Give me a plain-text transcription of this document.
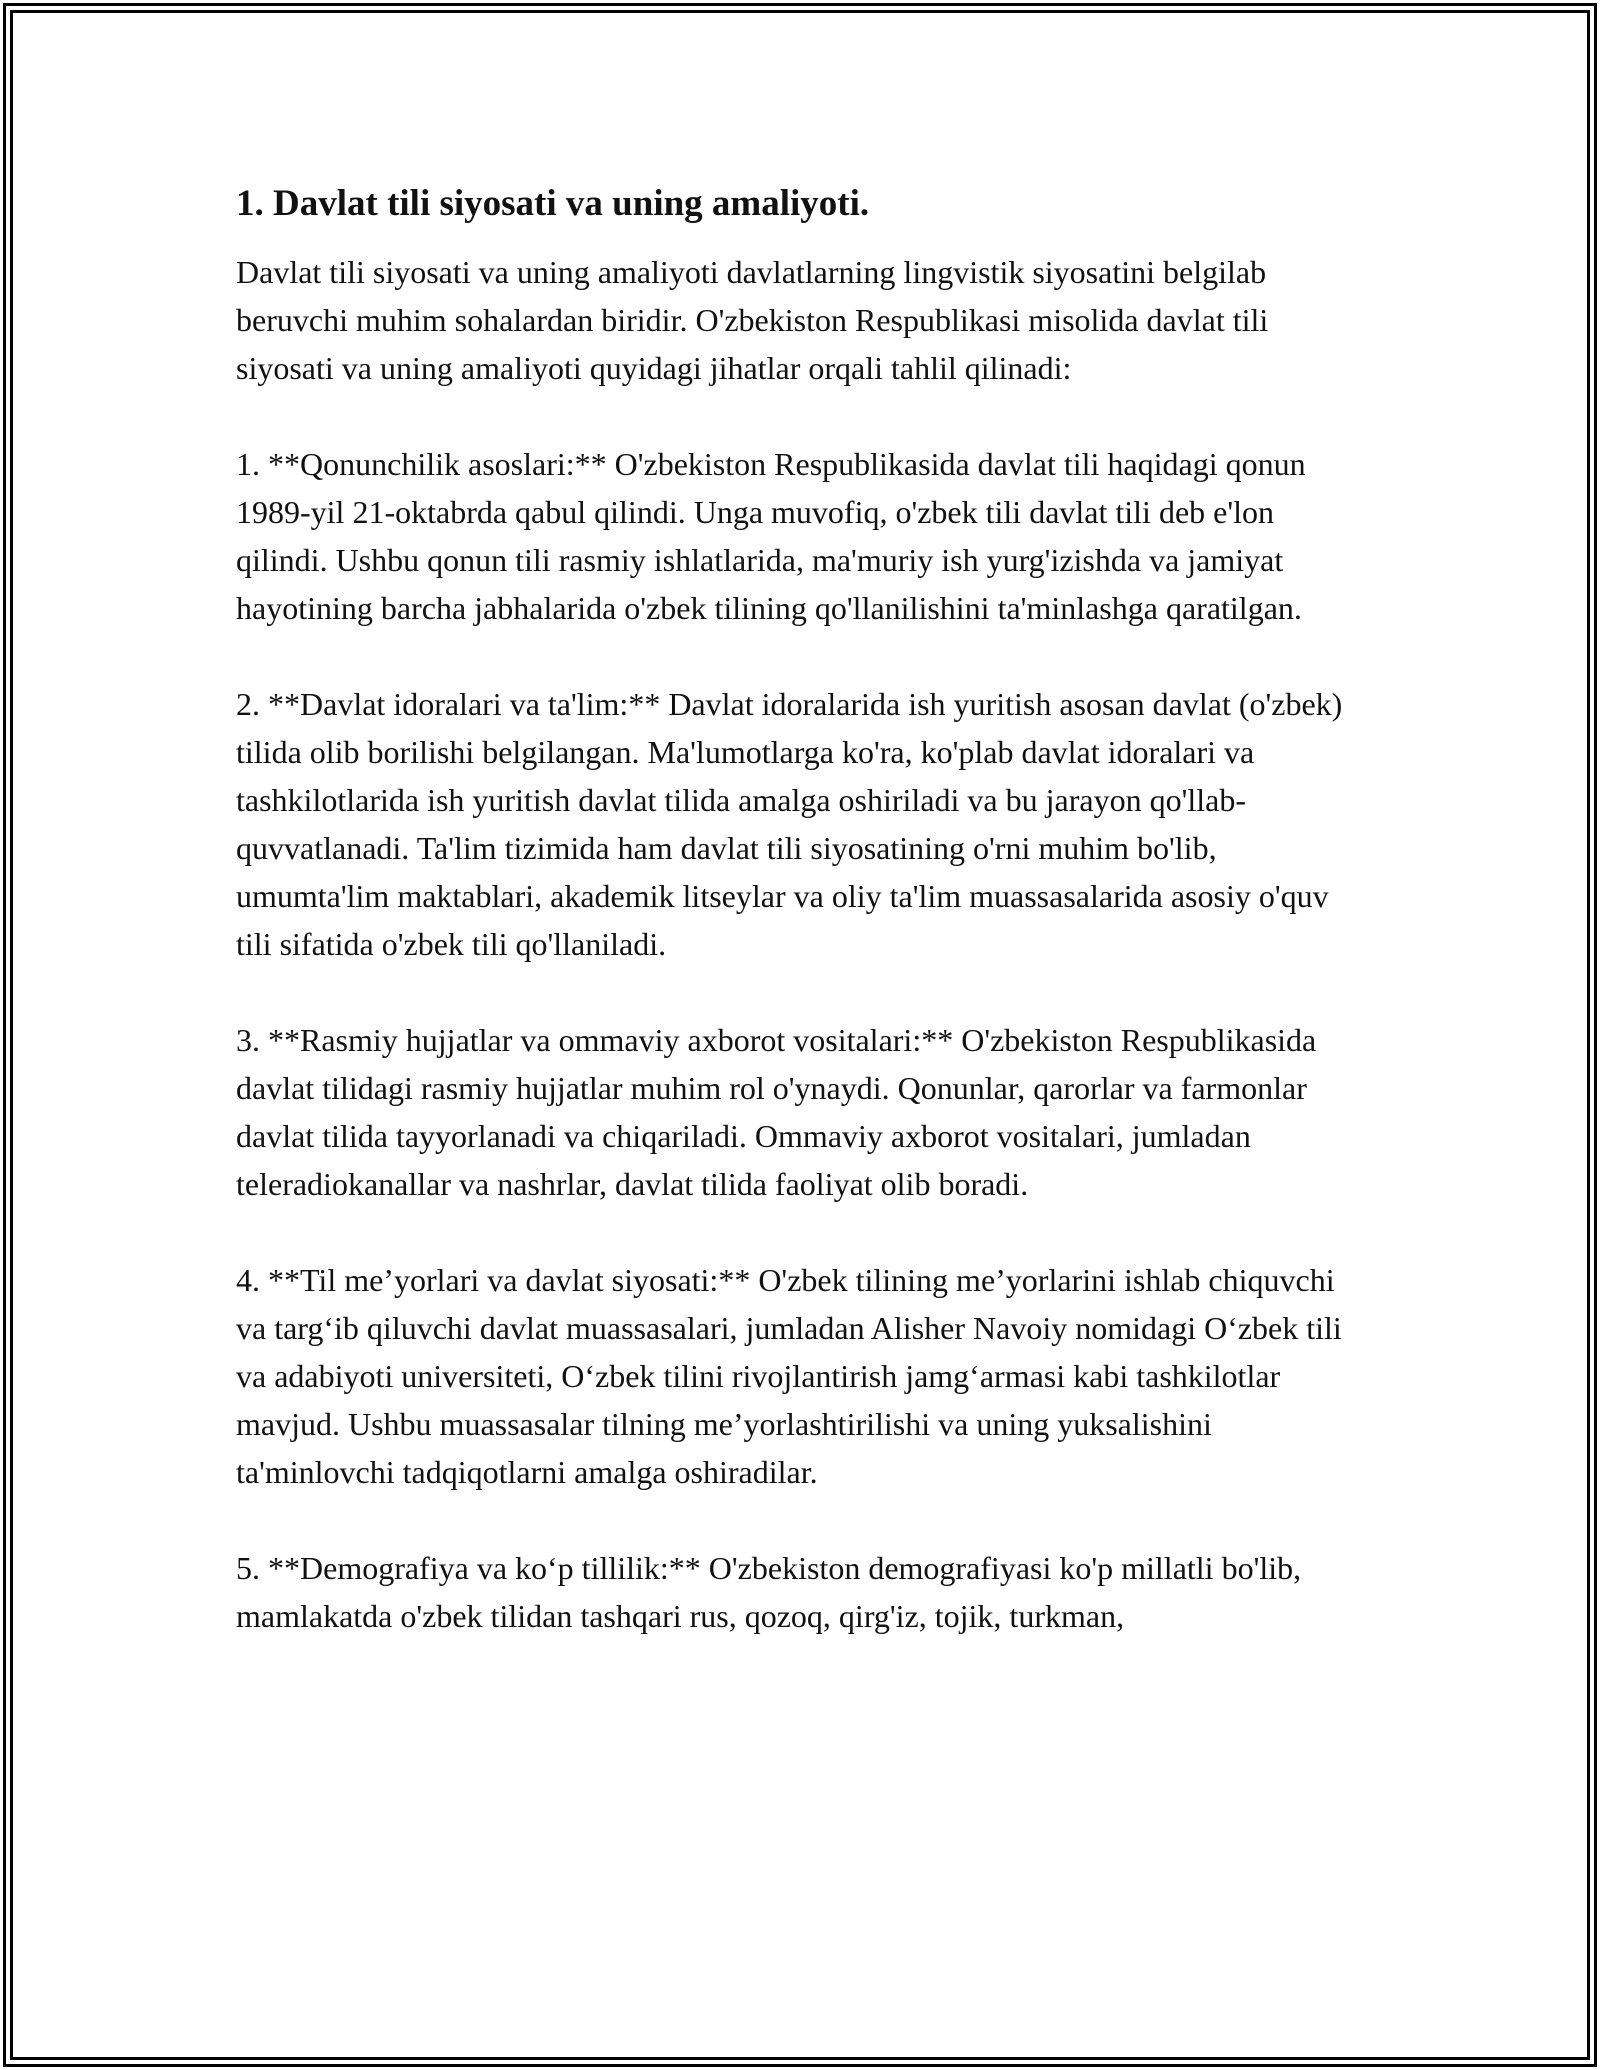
1. Davlat tili siyosati va uning amaliyoti.

Davlat tili siyosati va uning amaliyoti davlatlarning lingvistik siyosatini belgilab beruvchi muhim sohalardan biridir. O'zbekiston Respublikasi misolida davlat tili siyosati va uning amaliyoti quyidagi jihatlar orqali tahlil qilinadi:

1. **Qonunchilik asoslari:** O'zbekiston Respublikasida davlat tili haqidagi qonun 1989-yil 21-oktabrda qabul qilindi. Unga muvofiq, o'zbek tili davlat tili deb e'lon qilindi. Ushbu qonun tili rasmiy ishlatlarida, ma'muriy ish yurg'izishda va jamiyat hayotining barcha jabhalarida o'zbek tilining qo'llanilishini ta'minlashga qaratilgan.

2. **Davlat idoralari va ta'lim:** Davlat idoralarida ish yuritish asosan davlat (o'zbek) tilida olib borilishi belgilangan. Ma'lumotlarga ko'ra, ko'plab davlat idoralari va tashkilotlarida ish yuritish davlat tilida amalga oshiriladi va bu jarayon qo'llab-quvvatlanadi. Ta'lim tizimida ham davlat tili siyosatining o'rni muhim bo'lib, umumta'lim maktablari, akademik litseylar va oliy ta'lim muassasalarida asosiy o'quv tili sifatida o'zbek tili qo'llaniladi.

3. **Rasmiy hujjatlar va ommaviy axborot vositalari:** O'zbekiston Respublikasida davlat tilidagi rasmiy hujjatlar muhim rol o'ynaydi. Qonunlar, qarorlar va farmonlar davlat tilida tayyorlanadi va chiqariladi. Ommaviy axborot vositalari, jumladan teleradiokanallar va nashrlar, davlat tilida faoliyat olib boradi.

4. **Til me’yorlari va davlat siyosati:** O'zbek tilining me’yorlarini ishlab chiquvchi va targ‘ib qiluvchi davlat muassasalari, jumladan Alisher Navoiy nomidagi O‘zbek tili va adabiyoti universiteti, O‘zbek tilini rivojlantirish jamg‘armasi kabi tashkilotlar mavjud. Ushbu muassasalar tilning me’yorlashtirilishi va uning yuksalishini ta'minlovchi tadqiqotlarni amalga oshiradilar.

5. **Demografiya va ko‘p tillilik:** O'zbekiston demografiyasi ko'p millatli bo'lib, mamlakatda o'zbek tilidan tashqari rus, qozoq, qirg'iz, tojik, turkman,
